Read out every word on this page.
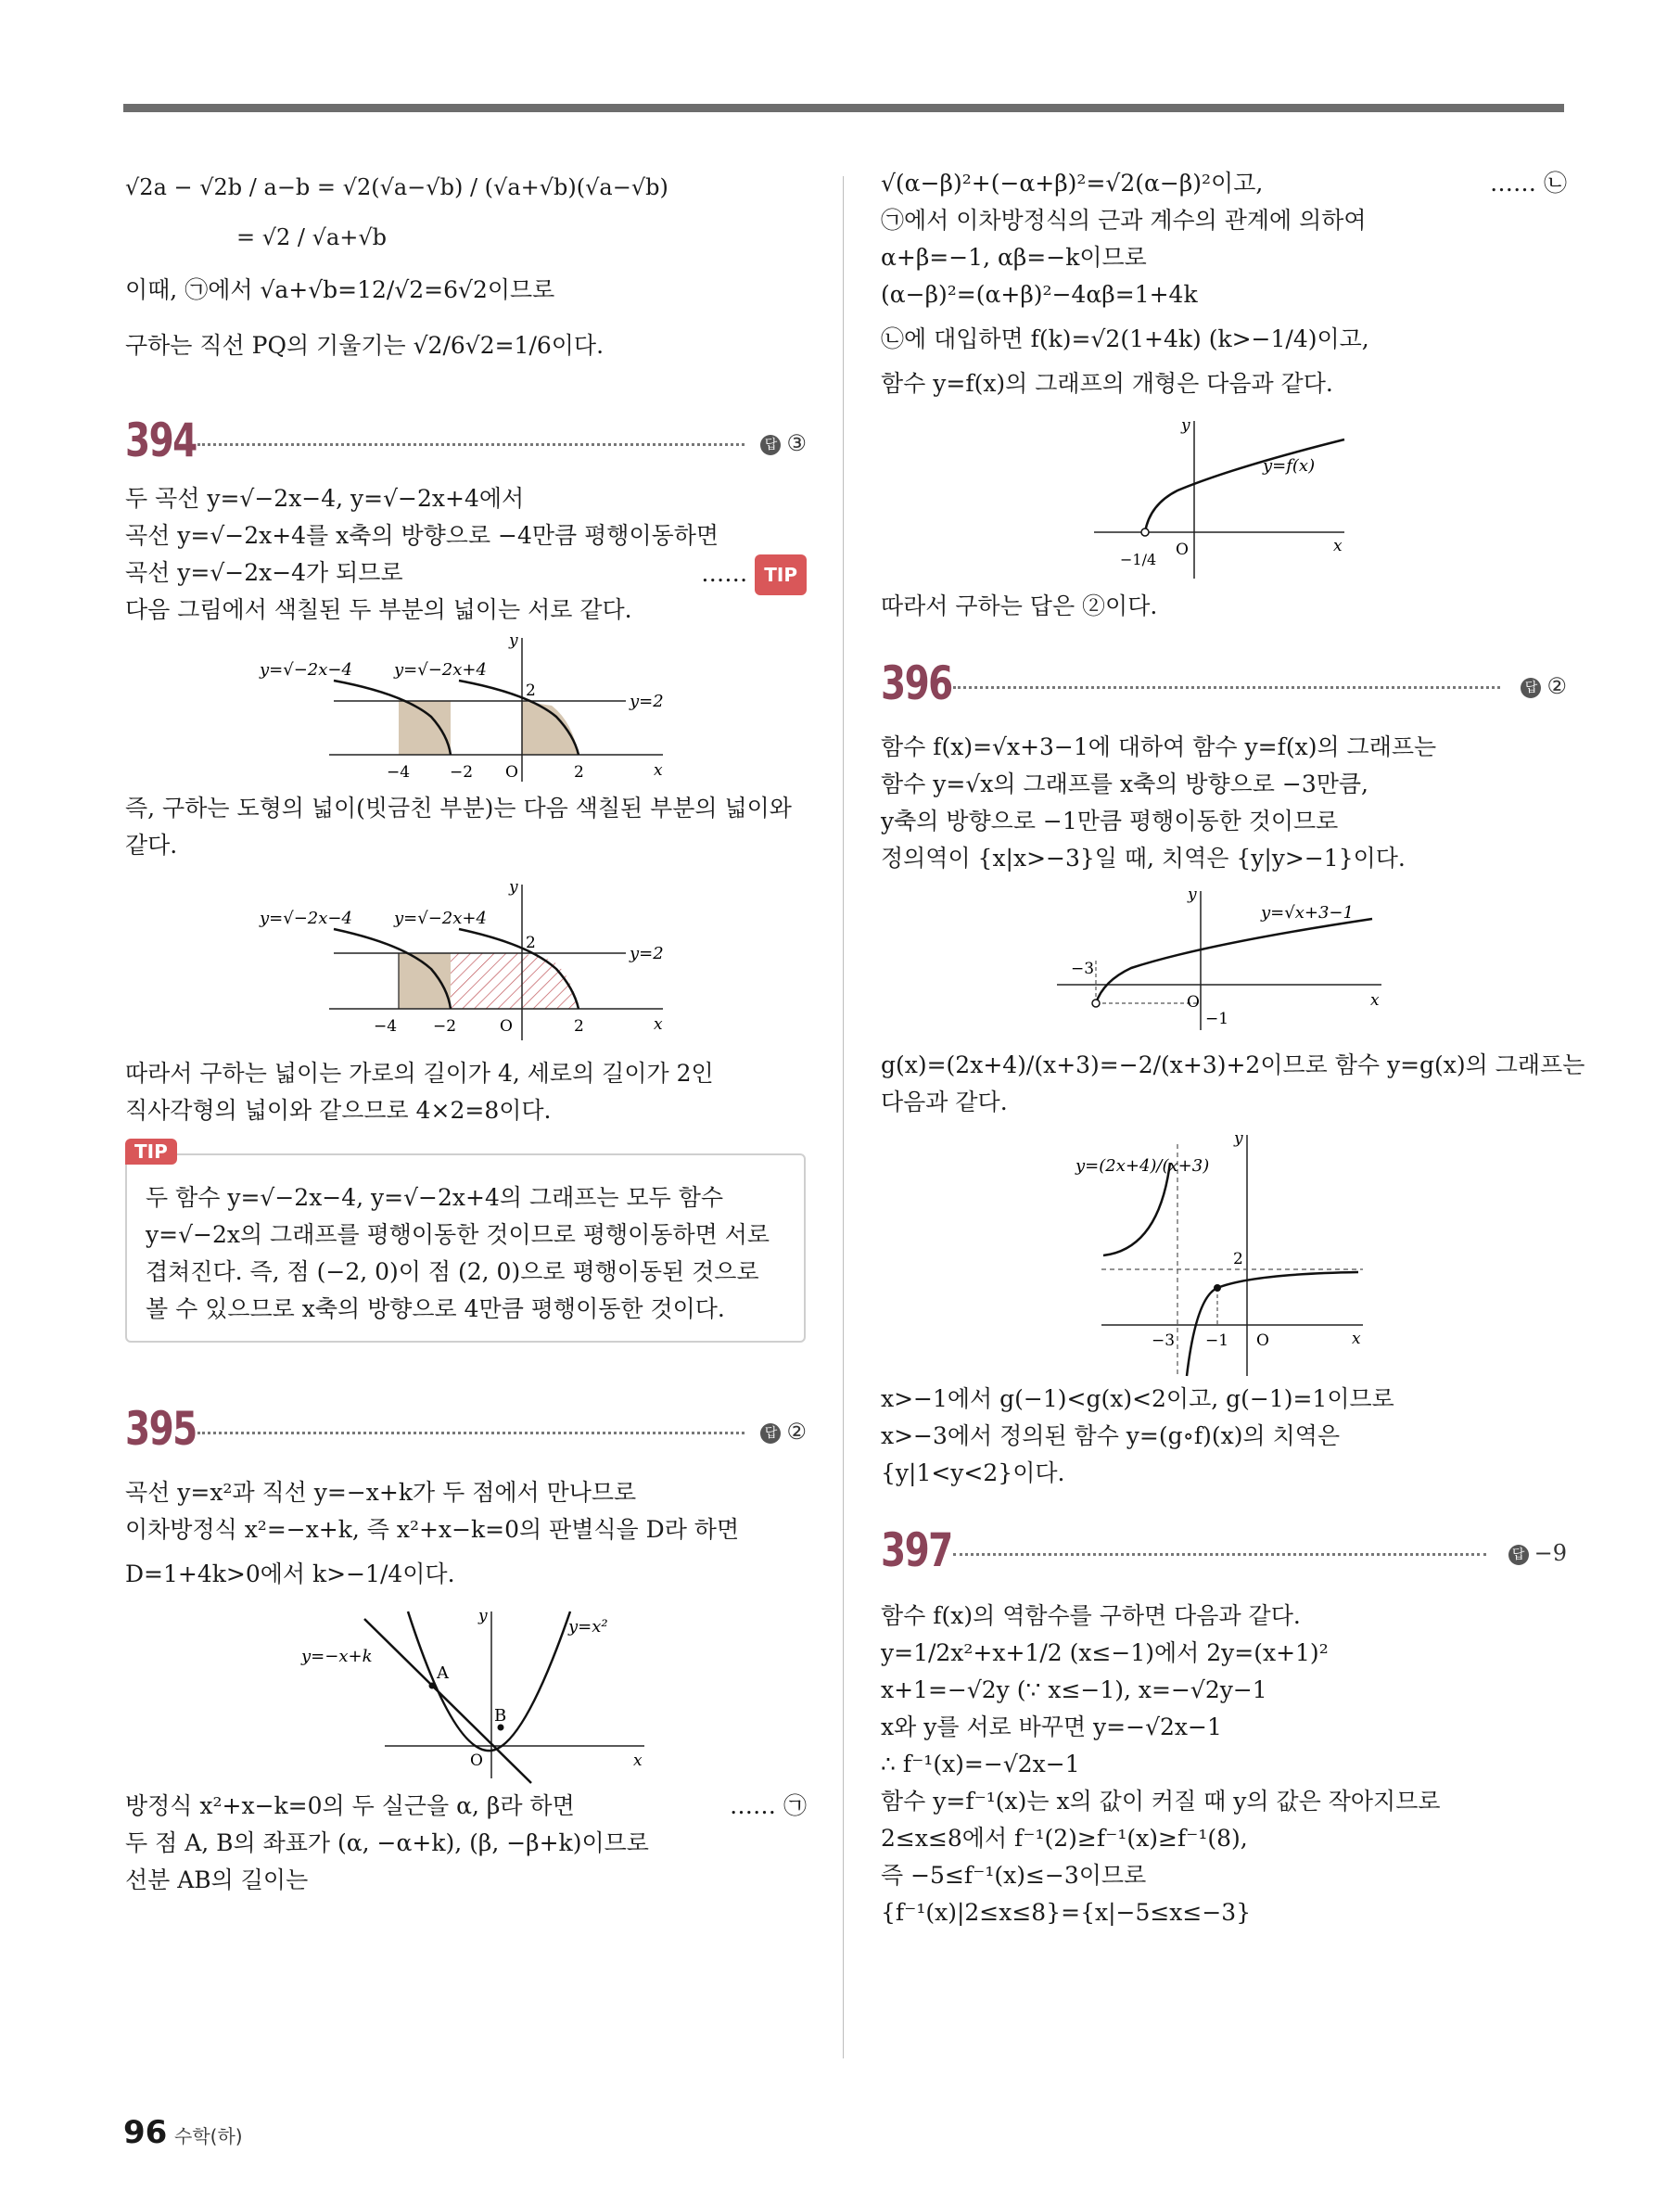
√2a − √2b / a−b = √2(√a−√b) / (√a+√b)(√a−√b)
= √2 / √a+√b
이때, ㉠에서 √a+√b=12/√2=6√2이므로
구하는 직선 PQ의 기울기는 √2/6√2=1/6이다.
394	답 ③
두 곡선 y=√−2x−4, y=√−2x+4에서
곡선 y=√−2x+4를 x축의 방향으로 −4만큼 평행이동하면
곡선 y=√−2x−4가 되므로	…… TIP
다음 그림에서 색칠된 두 부분의 넓이는 서로 같다.
y=√−2x−4	y=√−2x+4
y=2
2
−4	−2 O	2	x
y
즉, 구하는 도형의 넓이(빗금친 부분)는 다음 색칠된 부분의 넓이와
같다.
y=√−2x−4	y=√−2x+4
y=2
2
−4 −2	O	2	x
y
따라서 구하는 넓이는 가로의 길이가 4, 세로의 길이가 2인
직사각형의 넓이와 같으므로 4×2=8이다.
TIP
두 함수 y=√−2x−4, y=√−2x+4의 그래프는 모두 함수
y=√−2x의 그래프를 평행이동한 것이므로 평행이동하면 서로
겹쳐진다. 즉, 점 (−2, 0)이 점 (2, 0)으로 평행이동된 것으로
볼 수 있으므로 x축의 방향으로 4만큼 평행이동한 것이다.
395	답 ②
곡선 y=x²과 직선 y=−x+k가 두 점에서 만나므로
이차방정식 x²=−x+k, 즉 x²+x−k=0의 판별식을 D라 하면
D=1+4k>0에서 k>−1/4이다.
y=−x+k
y=x²
A
B
O	x
y
방정식 x²+x−k=0의 두 실근을 α, β라 하면	…… ㉠
두 점 A, B의 좌표가 (α, −α+k), (β, −β+k)이므로
선분 AB의 길이는
√(α−β)²+(−α+β)²=√2(α−β)²이고,	…… ㉡
㉠에서 이차방정식의 근과 계수의 관계에 의하여
α+β=−1, αβ=−k이므로
(α−β)²=(α+β)²−4αβ=1+4k
㉡에 대입하면 f(k)=√2(1+4k) (k>−1/4)이고,
함수 y=f(x)의 그래프의 개형은 다음과 같다.
y=f(x)
−1/4
O	x
y
따라서 구하는 답은 ②이다.
396	답 ②
함수 f(x)=√x+3−1에 대하여 함수 y=f(x)의 그래프는
함수 y=√x의 그래프를 x축의 방향으로 −3만큼,
y축의 방향으로 −1만큼 평행이동한 것이므로
정의역이 {x|x>−3}일 때, 치역은 {y|y>−1}이다.
y=√x+3−1
−3
−1
O	x
y
g(x)=(2x+4)/(x+3)=−2/(x+3)+2이므로 함수 y=g(x)의 그래프는
다음과 같다.
y=(2x+4)/(x+3)
2
−3 −1 O	x
y
x>−1에서 g(−1)<g(x)<2이고, g(−1)=1이므로
x>−3에서 정의된 함수 y=(g∘f)(x)의 치역은
{y|1<y<2}이다.
397	답 −9
함수 f(x)의 역함수를 구하면 다음과 같다.
y=1/2x²+x+1/2 (x≤−1)에서 2y=(x+1)²
x+1=−√2y (∵ x≤−1), x=−√2y−1
x와 y를 서로 바꾸면 y=−√2x−1
∴ f⁻¹(x)=−√2x−1
함수 y=f⁻¹(x)는 x의 값이 커질 때 y의 값은 작아지므로
2≤x≤8에서 f⁻¹(2)≥f⁻¹(x)≥f⁻¹(8),
즉 −5≤f⁻¹(x)≤−3이므로
{f⁻¹(x)|2≤x≤8}={x|−5≤x≤−3}
96 수학(하)
